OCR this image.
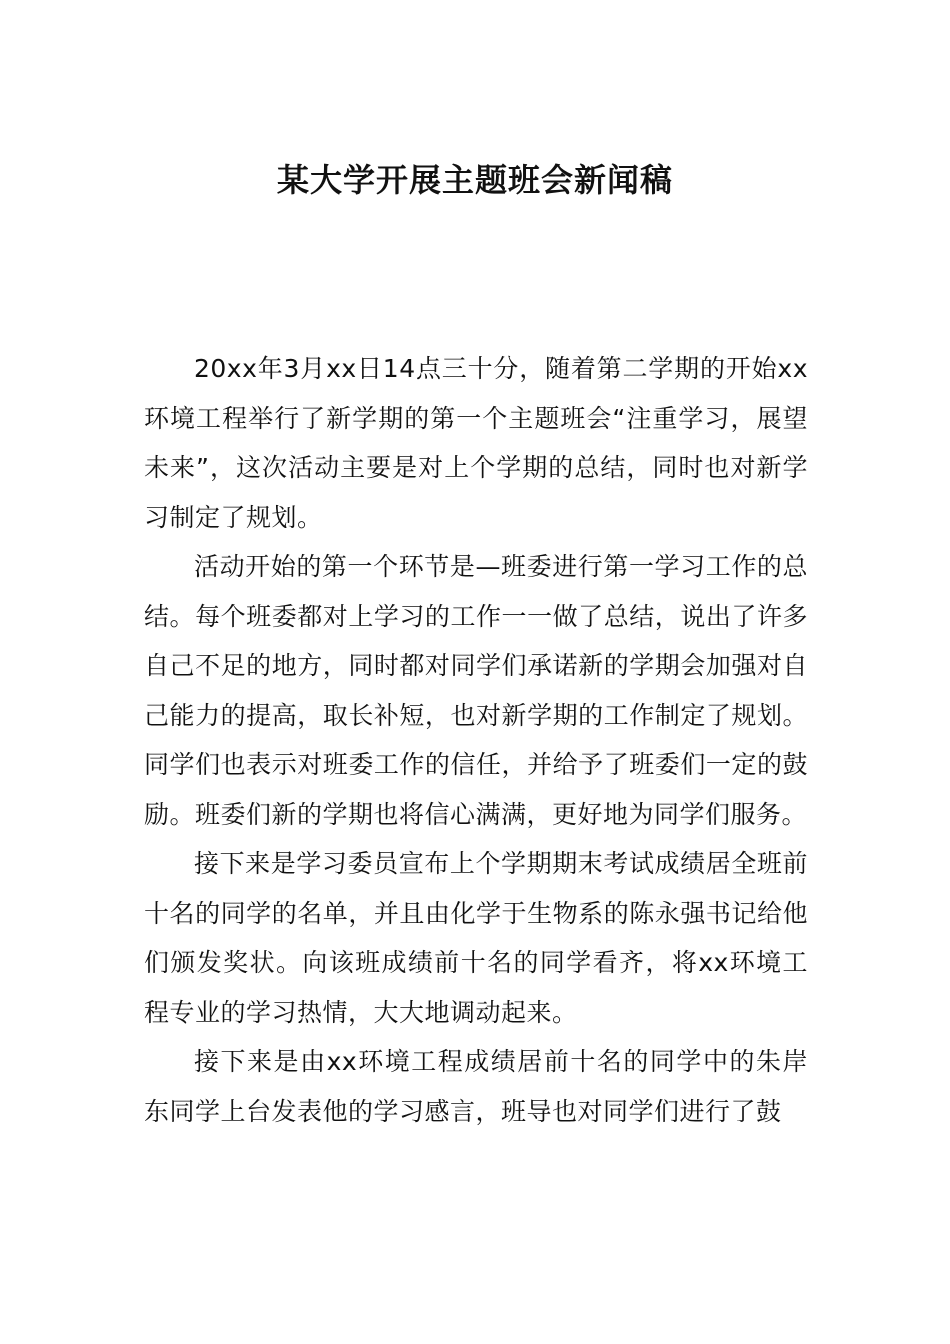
某大学开展主题班会新闻稿

20xx年3月xx日14点三十分，随着第二学期的开始xx环境工程举行了新学期的第一个主题班会“注重学习，展望未来”，这次活动主要是对上个学期的总结，同时也对新学习制定了规划。

活动开始的第一个环节是—班委进行第一学习工作的总结。每个班委都对上学习的工作一一做了总结，说出了许多自己不足的地方，同时都对同学们承诺新的学期会加强对自己能力的提高，取长补短，也对新学期的工作制定了规划。同学们也表示对班委工作的信任，并给予了班委们一定的鼓励。班委们新的学期也将信心满满，更好地为同学们服务。

接下来是学习委员宣布上个学期期末考试成绩居全班前十名的同学的名单，并且由化学于生物系的陈永强书记给他们颁发奖状。向该班成绩前十名的同学看齐，将xx环境工程专业的学习热情，大大地调动起来。

接下来是由xx环境工程成绩居前十名的同学中的朱岸东同学上台发表他的学习感言，班导也对同学们进行了鼓
